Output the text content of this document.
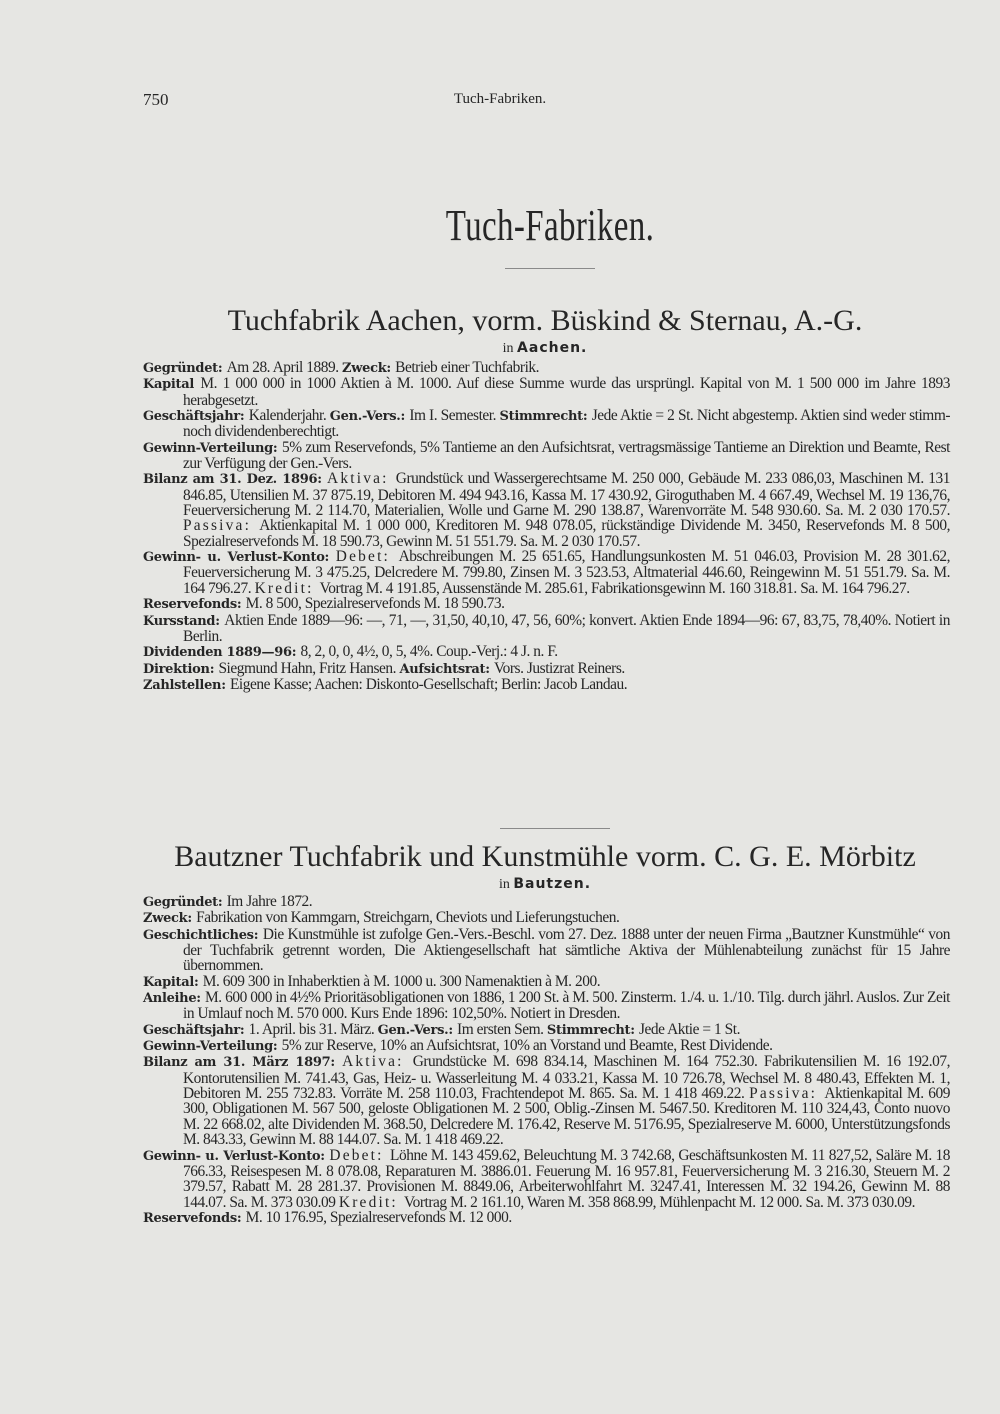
750	Tuch-Fabriken.
Tuch-Fabriken.
Tuchfabrik Aachen, vorm. Büskind & Sternau, A.-G.
in Aachen.

Gegründet: Am 28. April 1889. Zweck: Betrieb einer Tuchfabrik.

Kapital M. 1 000 000 in 1000 Aktien à M. 1000. Auf diese Summe wurde das ursprüngl. Kapital von M. 1 500 000 im Jahre 1893 herabgesetzt.

Geschäftsjahr: Kalenderjahr. Gen.-Vers.: Im I. Semester. Stimmrecht: Jede Aktie = 2 St. Nicht abgestemp. Aktien sind weder stimm- noch dividendenberechtigt.

Gewinn-Verteilung: 5% zum Reservefonds, 5% Tantieme an den Aufsichtsrat, vertragsmässige Tantieme an Direktion und Beamte, Rest zur Verfügung der Gen.-Vers.

Bilanz am 31. Dez. 1896: Aktiva: Grundstück und Wassergerechtsame M. 250 000, Gebäude M. 233 086,03, Maschinen M. 131 846.85, Utensilien M. 37 875.19, Debitoren M. 494 943.16, Kassa M. 17 430.92, Giroguthaben M. 4 667.49, Wechsel M. 19 136,76, Feuerversicherung M. 2 114.70, Materialien, Wolle und Garne M. 290 138.87, Warenvorräte M. 548 930.60. Sa. M. 2 030 170.57. Passiva: Aktienkapital M. 1 000 000, Kreditoren M. 948 078.05, rückständige Dividende M. 3450, Reservefonds M. 8 500, Spezialreservefonds M. 18 590.73, Gewinn M. 51 551.79. Sa. M. 2 030 170.57.

Gewinn- u. Verlust-Konto: Debet: Abschreibungen M. 25 651.65, Handlungsunkosten M. 51 046.03, Provision M. 28 301.62, Feuerversicherung M. 3 475.25, Delcredere M. 799.80, Zinsen M. 3 523.53, Altmaterial 446.60, Reingewinn M. 51 551.79. Sa. M. 164 796.27. Kredit: Vortrag M. 4 191.85, Aussenstände M. 285.61, Fabrikationsgewinn M. 160 318.81. Sa. M. 164 796.27.

Reservefonds: M. 8 500, Spezialreservefonds M. 18 590.73.

Kursstand: Aktien Ende 1889—96: —, 71, —, 31,50, 40,10, 47, 56, 60%; konvert. Aktien Ende 1894—96: 67, 83,75, 78,40%. Notiert in Berlin.

Dividenden 1889—96: 8, 2, 0, 0, 4½, 0, 5, 4%. Coup.-Verj.: 4 J. n. F.

Direktion: Siegmund Hahn, Fritz Hansen. Aufsichtsrat: Vors. Justizrat Reiners.

Zahlstellen: Eigene Kasse; Aachen: Diskonto-Gesellschaft; Berlin: Jacob Landau.

Bautzner Tuchfabrik und Kunstmühle vorm. C. G. E. Mörbitz
in Bautzen.

Gegründet: Im Jahre 1872.

Zweck: Fabrikation von Kammgarn, Streichgarn, Cheviots und Lieferungstuchen.

Geschichtliches: Die Kunstmühle ist zufolge Gen.-Vers.-Beschl. vom 27. Dez. 1888 unter der neuen Firma „Bautzner Kunstmühle“ von der Tuchfabrik getrennt worden, Die Aktiengesellschaft hat sämtliche Aktiva der Mühlenabteilung zunächst für 15 Jahre übernommen.

Kapital: M. 609 300 in Inhaberktien à M. 1000 u. 300 Namenaktien à M. 200.

Anleihe: M. 600 000 in 4½% Prioritäsobligationen von 1886, 1 200 St. à M. 500. Zinsterm. 1./4. u. 1./10. Tilg. durch jährl. Auslos. Zur Zeit in Umlauf noch M. 570 000. Kurs Ende 1896: 102,50%. Notiert in Dresden.

Geschäftsjahr: 1. April. bis 31. März. Gen.-Vers.: Im ersten Sem. Stimmrecht: Jede Aktie = 1 St.

Gewinn-Verteilung: 5% zur Reserve, 10% an Aufsichtsrat, 10% an Vorstand und Beamte, Rest Dividende.

Bilanz am 31. März 1897: Aktiva: Grundstücke M. 698 834.14, Maschinen M. 164 752.30. Fabrikutensilien M. 16 192.07, Kontorutensilien M. 741.43, Gas, Heiz- u. Wasserleitung M. 4 033.21, Kassa M. 10 726.78, Wechsel M. 8 480.43, Effekten M. 1, Debitoren M. 255 732.83. Vorräte M. 258 110.03, Frachtendepot M. 865. Sa. M. 1 418 469.22. Passiva: Aktienkapital M. 609 300, Obligationen M. 567 500, geloste Obligationen M. 2 500, Oblig.-Zinsen M. 5467.50. Kreditoren M. 110 324,43, Conto nuovo M. 22 668.02, alte Dividenden M. 368.50, Delcredere M. 176.42, Reserve M. 5176.95, Spezialreserve M. 6000, Unterstützungsfonds M. 843.33, Gewinn M. 88 144.07. Sa. M. 1 418 469.22.

Gewinn- u. Verlust-Konto: Debet: Löhne M. 143 459.62, Beleuchtung M. 3 742.68, Geschäftsunkosten M. 11 827,52, Saläre M. 18 766.33, Reisespesen M. 8 078.08, Reparaturen M. 3886.01. Feuerung M. 16 957.81, Feuerversicherung M. 3 216.30, Steuern M. 2 379.57, Rabatt M. 28 281.37. Provisionen M. 8849.06, Arbeiterwohlfahrt M. 3247.41, Interessen M. 32 194.26, Gewinn M. 88 144.07. Sa. M. 373 030.09 Kredit: Vortrag M. 2 161.10, Waren M. 358 868.99, Mühlenpacht M. 12 000. Sa. M. 373 030.09.

Reservefonds: M. 10 176.95, Spezialreservefonds M. 12 000.
